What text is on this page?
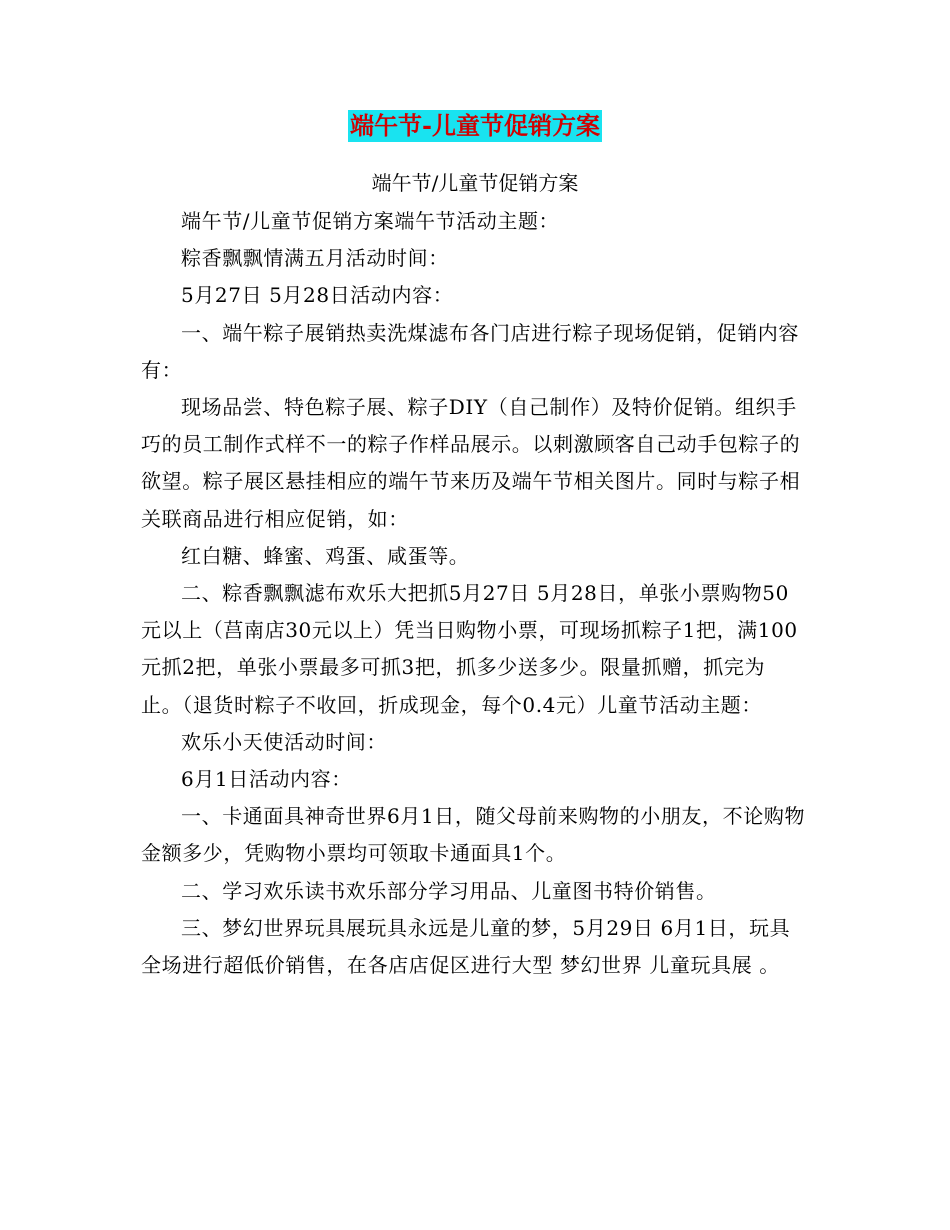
端午节-儿童节促销方案
端午节/儿童节促销方案

端午节/儿童节促销方案端午节活动主题：

粽香飘飘情满五月活动时间：

5月27日 5月28日活动内容：

一、端午粽子展销热卖洗煤滤布各门店进行粽子现场促销，促销内容有：

现场品尝、特色粽子展、粽子DIY（自己制作）及特价促销。组织手巧的员工制作式样不一的粽子作样品展示。以刺激顾客自己动手包粽子的欲望。粽子展区悬挂相应的端午节来历及端午节相关图片。同时与粽子相关联商品进行相应促销，如：

红白糖、蜂蜜、鸡蛋、咸蛋等。

二、粽香飘飘滤布欢乐大把抓5月27日 5月28日，单张小票购物50元以上（莒南店30元以上）凭当日购物小票，可现场抓粽子1把，满100元抓2把，单张小票最多可抓3把，抓多少送多少。限量抓赠，抓完为止。（退货时粽子不收回，折成现金，每个0.4元）儿童节活动主题：

欢乐小天使活动时间：

6月1日活动内容：

一、卡通面具神奇世界6月1日，随父母前来购物的小朋友，不论购物金额多少，凭购物小票均可领取卡通面具1个。

二、学习欢乐读书欢乐部分学习用品、儿童图书特价销售。

三、梦幻世界玩具展玩具永远是儿童的梦，5月29日 6月1日，玩具全场进行超低价销售，在各店店促区进行大型 梦幻世界 儿童玩具展 。
